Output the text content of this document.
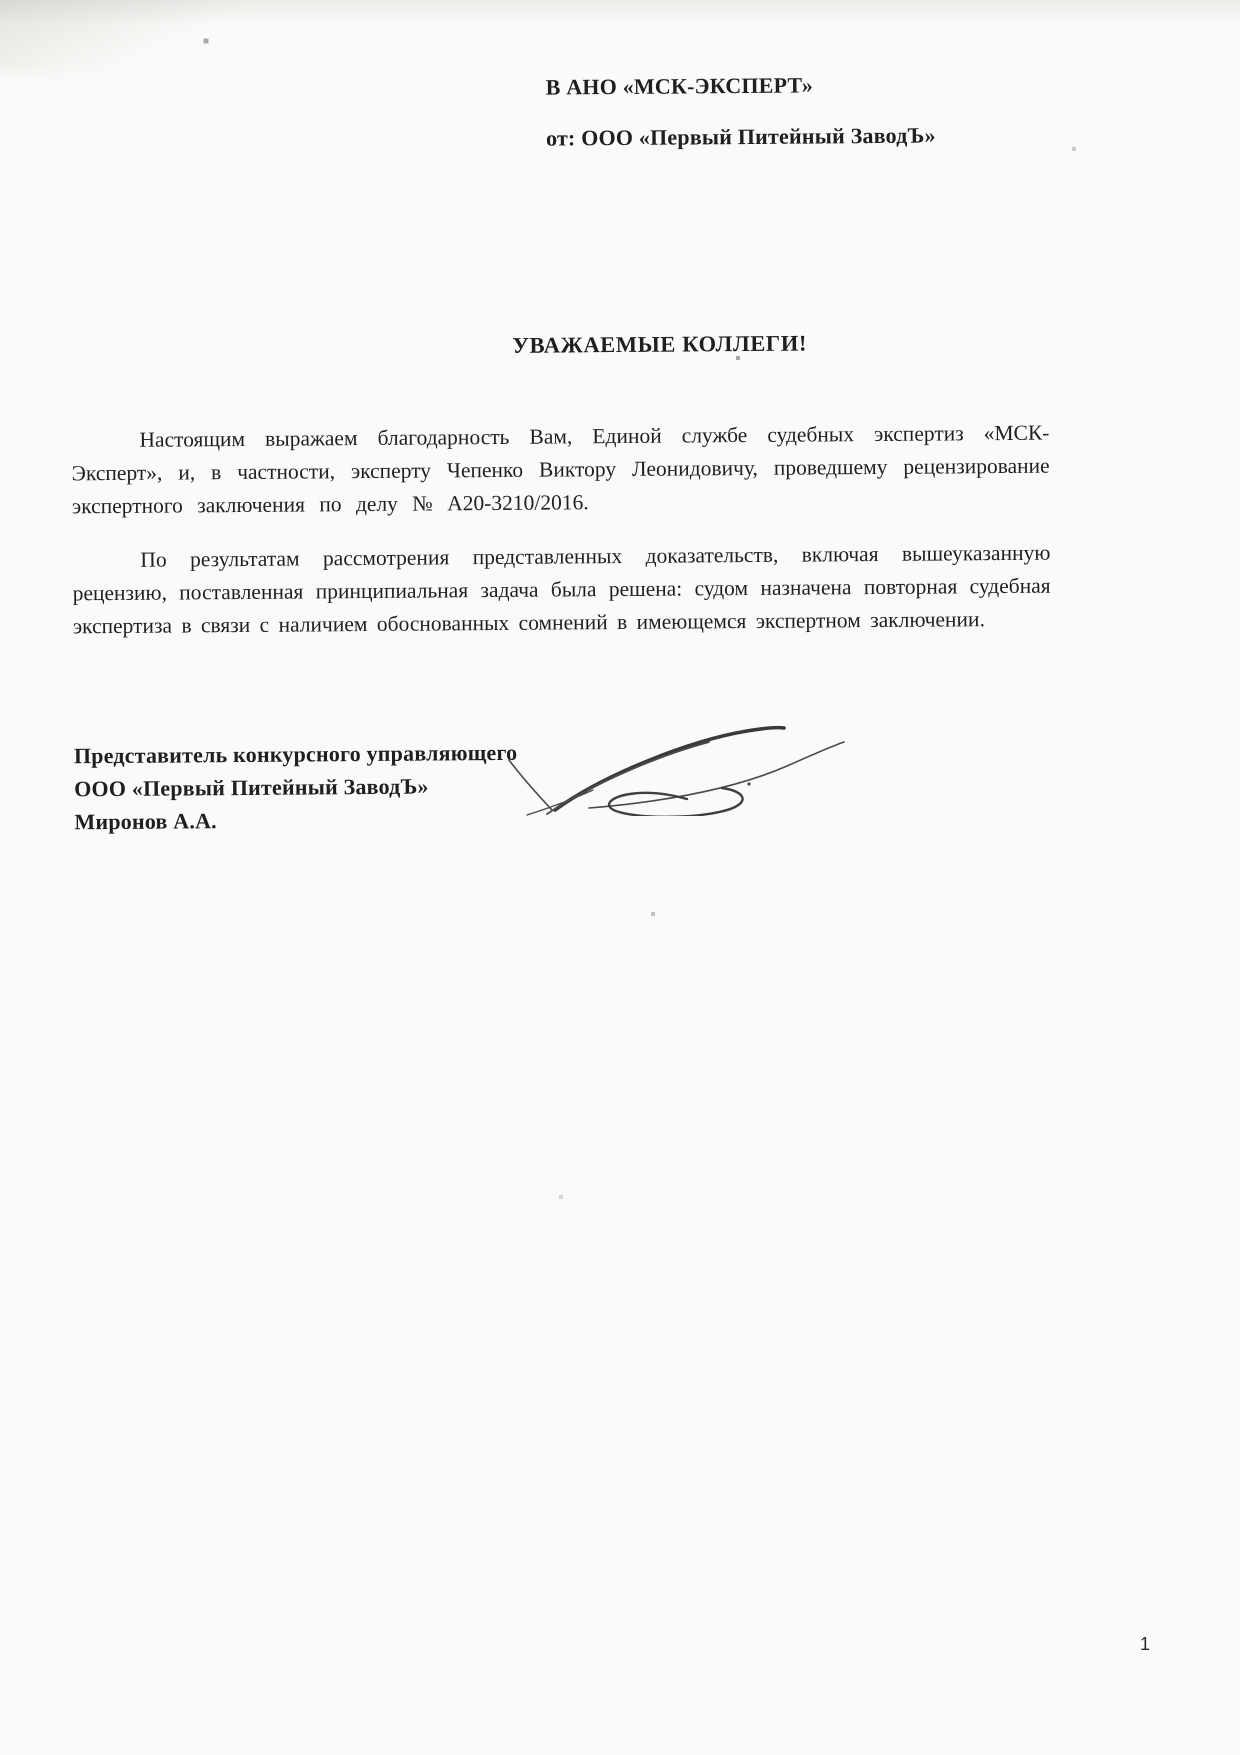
В АНО «МСК-ЭКСПЕРТ»
от: ООО «Первый Питейный ЗаводЪ»
УВАЖАЕМЫЕ КОЛЛЕГИ!

Настоящим выражаем благодарность Вам, Единой службе судебных экспертиз «МСК-Эксперт», и, в частности, эксперту Чепенко Виктору Леонидовичу, проведшему рецензирование экспертного заключения по делу № А20-3210/2016.

По результатам рассмотрения представленных доказательств, включая вышеуказанную рецензию, поставленная принципиальная задача была решена: судом назначена повторная судебная экспертиза в связи с наличием обоснованных сомнений в имеющемся экспертном заключении.

Представитель конкурсного управляющего
ООО «Первый Питейный ЗаводЪ»
Миронов А.А.
1
